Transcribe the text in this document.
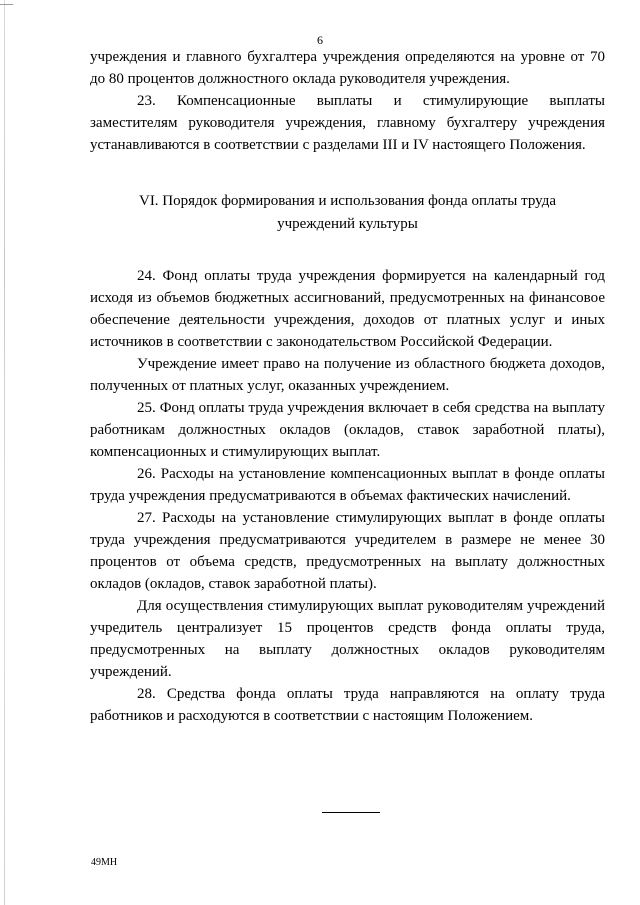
6

учреждения и главного бухгалтера учреждения определяются на уровне от 70 до 80 процентов должностного оклада руководителя учреждения.

23. Компенсационные выплаты и стимулирующие выплаты заместителям руководителя учреждения, главному бухгалтеру учреждения устанавливаются в соответствии с разделами III и IV настоящего Положения.

VI. Порядок формирования и использования фонда оплаты труда
учреждений культуры

24. Фонд оплаты труда учреждения формируется на календарный год исходя из объемов бюджетных ассигнований, предусмотренных на финансовое обеспечение деятельности учреждения, доходов от платных услуг и иных источников в соответствии с законодательством Российской Федерации.

Учреждение имеет право на получение из областного бюджета доходов, полученных от платных услуг, оказанных учреждением.

25. Фонд оплаты труда учреждения включает в себя средства на выплату работникам должностных окладов (окладов, ставок заработной платы), компенсационных и стимулирующих выплат.

26. Расходы на установление компенсационных выплат в фонде оплаты труда учреждения предусматриваются в объемах фактических начислений.

27. Расходы на установление стимулирующих выплат в фонде оплаты труда учреждения предусматриваются учредителем в размере не менее 30 процентов от объема средств, предусмотренных на выплату должностных окладов (окладов, ставок заработной платы).

Для осуществления стимулирующих выплат руководителям учреждений учредитель централизует 15 процентов средств фонда оплаты труда, предусмотренных на выплату должностных окладов руководителям учреждений.

28. Средства фонда оплаты труда направляются на оплату труда работников и расходуются в соответствии с настоящим Положением.

49МН
